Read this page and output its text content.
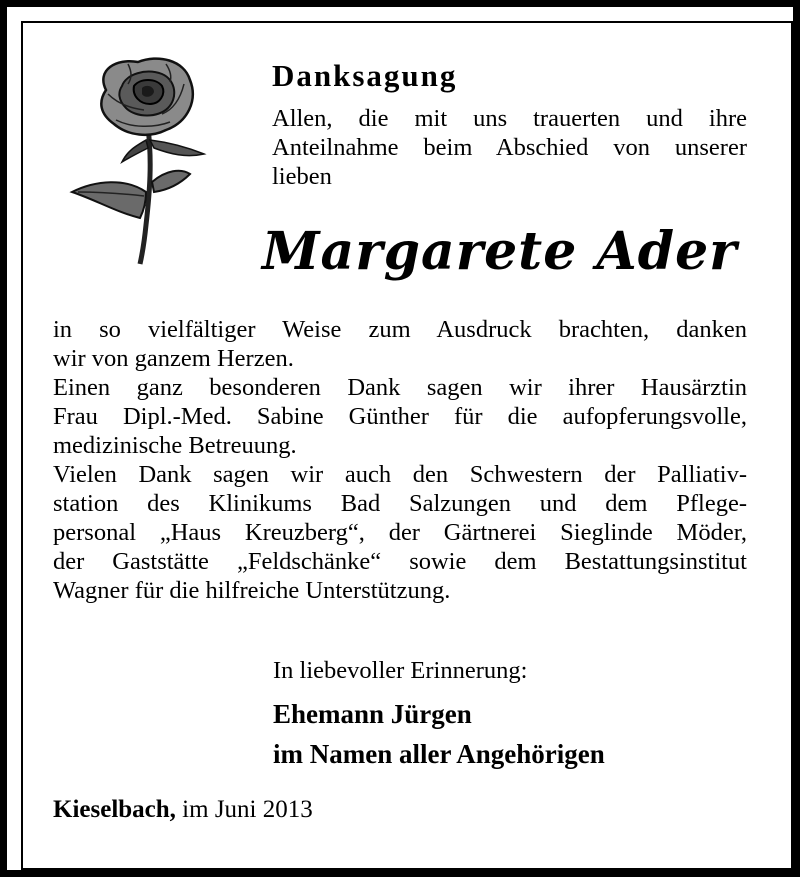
Danksagung

Allen, die mit uns trauerten und ihre
Anteilnahme beim Abschied von unserer
lieben

Margarete Ader

in so vielfältiger Weise zum Ausdruck brachten, danken
wir von ganzem Herzen.
Einen ganz besonderen Dank sagen wir ihrer Hausärztin
Frau Dipl.-Med. Sabine Günther für die aufopferungsvolle,
medizinische Betreuung.
Vielen Dank sagen wir auch den Schwestern der Palliativ-
station des Klinikums Bad Salzungen und dem Pflege-
personal „Haus Kreuzberg“, der Gärtnerei Sieglinde Möder,
der Gaststätte „Feldschänke“ sowie dem Bestattungsinstitut
Wagner für die hilfreiche Unterstützung.

In liebevoller Erinnerung:

Ehemann Jürgen
im Namen aller Angehörigen

Kieselbach, im Juni 2013
